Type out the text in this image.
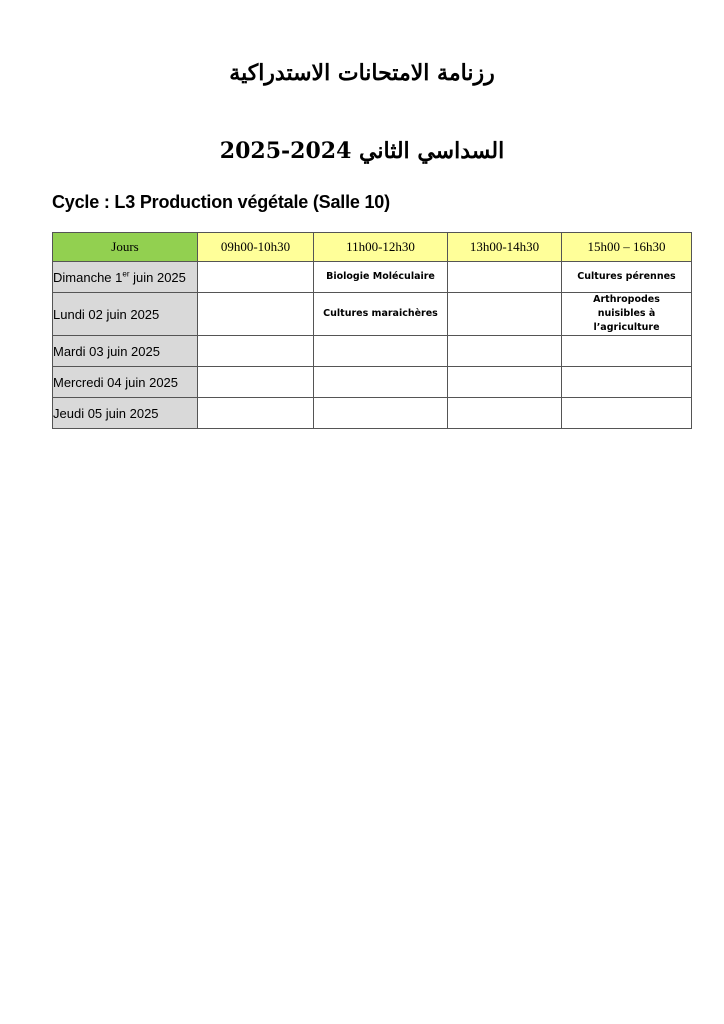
رزنامة الامتحانات الاستدراكية
السداسي الثاني 2024-2025
Cycle : L3 Production végétale (Salle 10)
Jours	09h00-10h30	11h00-12h30	13h00-14h30	15h00 – 16h30
Dimanche 1er juin 2025		Biologie Moléculaire		Cultures pérennes
Lundi 02 juin 2025		Cultures maraichères		Arthropodes nuisibles à l’agriculture
Mardi 03 juin 2025				
Mercredi 04 juin 2025				
Jeudi 05 juin 2025				
